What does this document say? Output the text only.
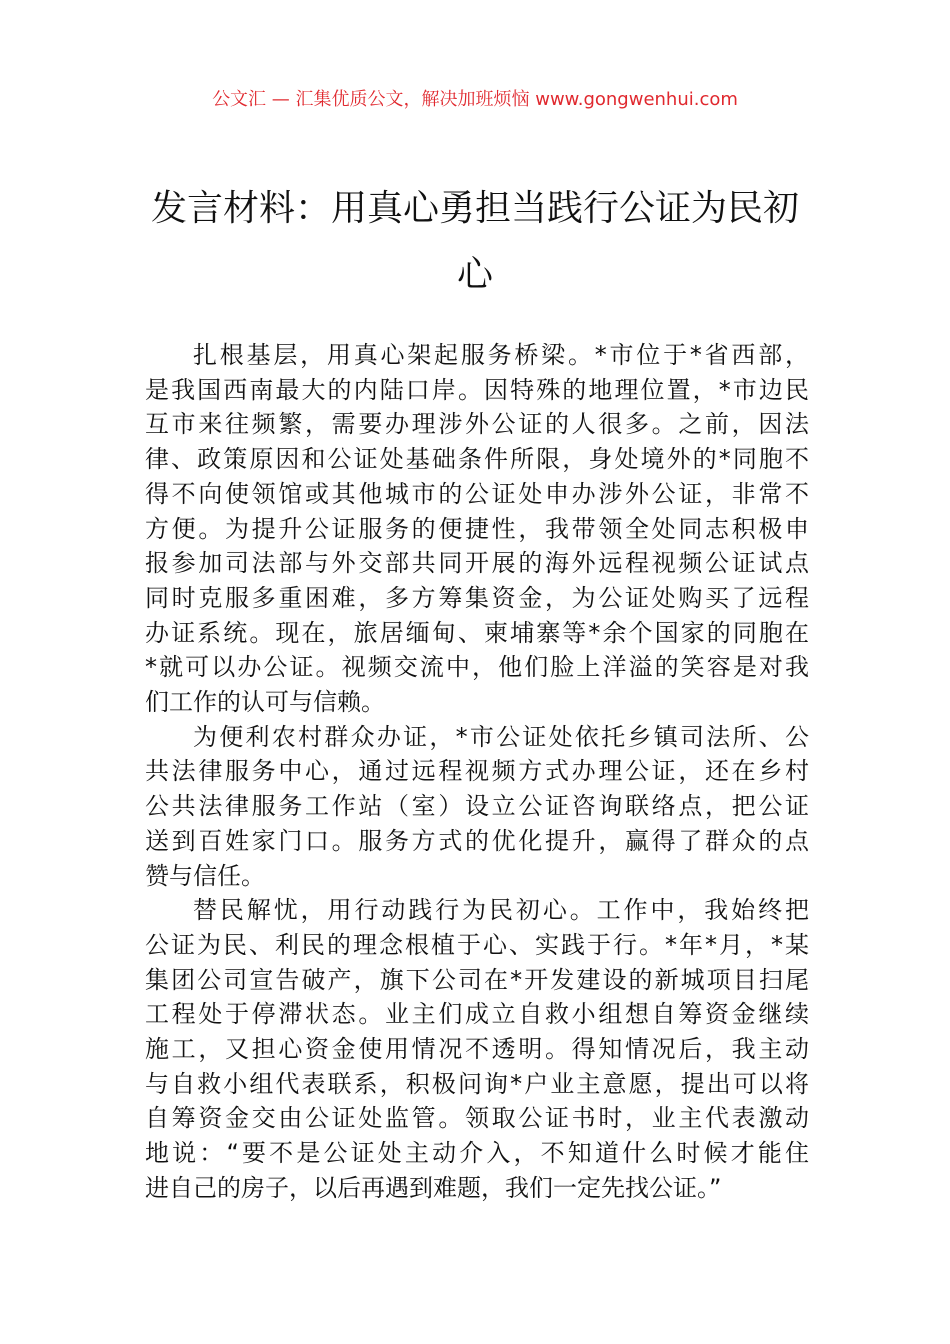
公文汇 — 汇集优质公文，解决加班烦恼 www.gongwenhui.com
发言材料：用真心勇担当践行公证为民初
心
扎根基层，用真心架起服务桥梁。*市位于*省西部，
是我国西南最大的内陆口岸。因特殊的地理位置，*市边民
互市来往频繁，需要办理涉外公证的人很多。之前，因法
律、政策原因和公证处基础条件所限，身处境外的*同胞不
得不向使领馆或其他城市的公证处申办涉外公证，非常不
方便。为提升公证服务的便捷性，我带领全处同志积极申
报参加司法部与外交部共同开展的海外远程视频公证试点
同时克服多重困难，多方筹集资金，为公证处购买了远程
办证系统。现在，旅居缅甸、柬埔寨等*余个国家的同胞在
*就可以办公证。视频交流中，他们脸上洋溢的笑容是对我
们工作的认可与信赖。
为便利农村群众办证，*市公证处依托乡镇司法所、公
共法律服务中心，通过远程视频方式办理公证，还在乡村
公共法律服务工作站（室）设立公证咨询联络点，把公证
送到百姓家门口。服务方式的优化提升，赢得了群众的点
赞与信任。
替民解忧，用行动践行为民初心。工作中，我始终把
公证为民、利民的理念根植于心、实践于行。*年*月，*某
集团公司宣告破产，旗下公司在*开发建设的新城项目扫尾
工程处于停滞状态。业主们成立自救小组想自筹资金继续
施工，又担心资金使用情况不透明。得知情况后，我主动
与自救小组代表联系，积极问询*户业主意愿，提出可以将
自筹资金交由公证处监管。领取公证书时，业主代表激动
地说：“要不是公证处主动介入，不知道什么时候才能住
进自己的房子，以后再遇到难题，我们一定先找公证。”
